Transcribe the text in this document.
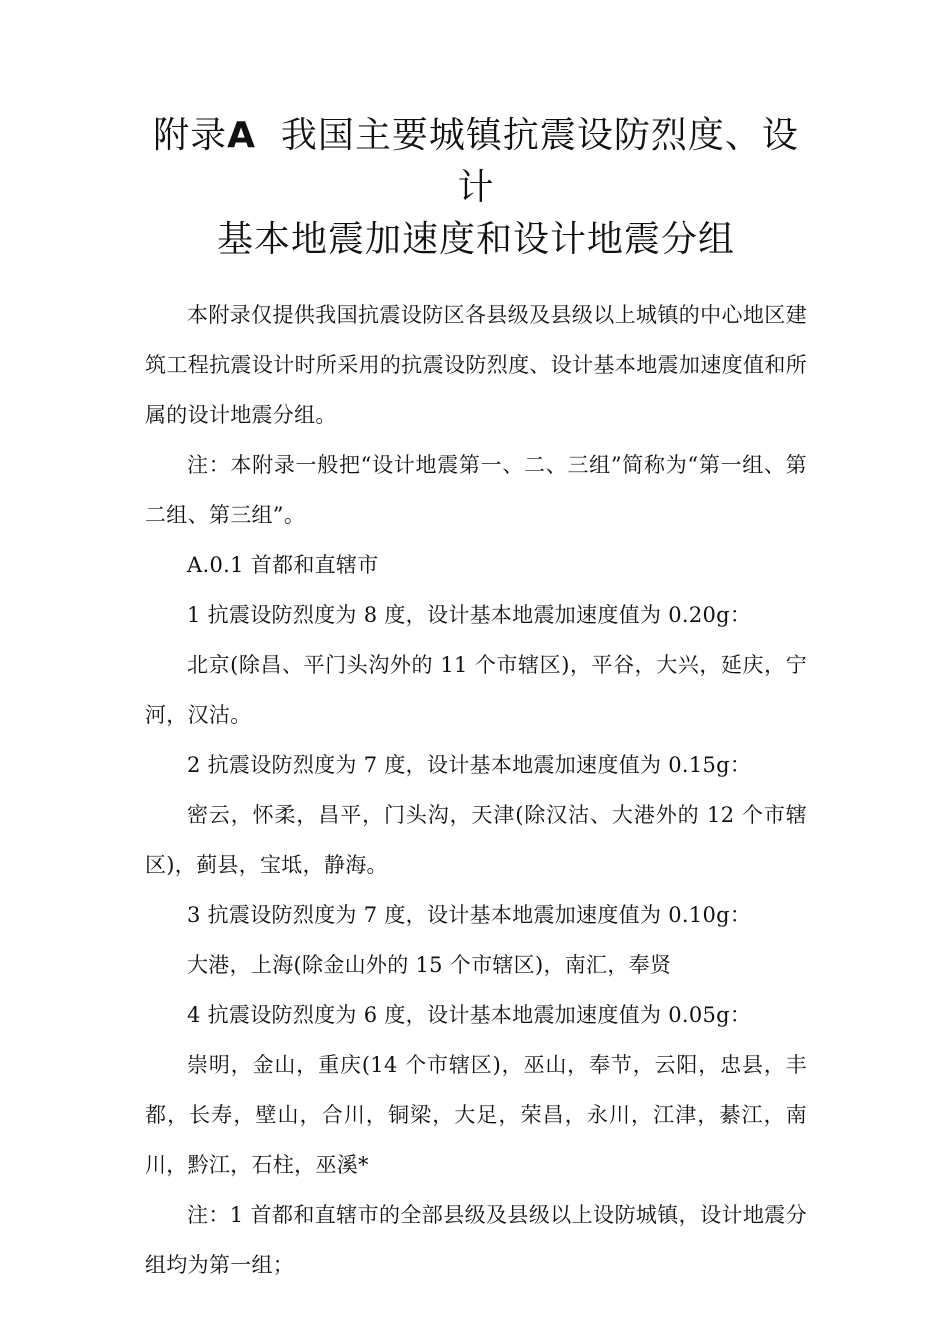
附录A 我国主要城镇抗震设防烈度、设计
基本地震加速度和设计地震分组

本附录仅提供我国抗震设防区各县级及县级以上城镇的中心地区建筑工程抗震设计时所采用的抗震设防烈度、设计基本地震加速度值和所属的设计地震分组。

注：本附录一般把“设计地震第一、二、三组”简称为“第一组、第二组、第三组”。

A.0.1 首都和直辖市

1 抗震设防烈度为 8 度，设计基本地震加速度值为 0.20g：

北京(除昌、平门头沟外的 11 个市辖区)，平谷，大兴，延庆，宁河，汉沽。

2 抗震设防烈度为 7 度，设计基本地震加速度值为 0.15g：

密云，怀柔，昌平，门头沟，天津(除汉沽、大港外的 12 个市辖区)，蓟县，宝坻，静海。

3 抗震设防烈度为 7 度，设计基本地震加速度值为 0.10g：

大港，上海(除金山外的 15 个市辖区)，南汇，奉贤

4 抗震设防烈度为 6 度，设计基本地震加速度值为 0.05g：

崇明，金山，重庆(14 个市辖区)，巫山，奉节，云阳，忠县，丰都，长寿，壁山，合川，铜梁，大足，荣昌，永川，江津，綦江，南川，黔江，石柱，巫溪*

注：1 首都和直辖市的全部县级及县级以上设防城镇，设计地震分组均为第一组；
